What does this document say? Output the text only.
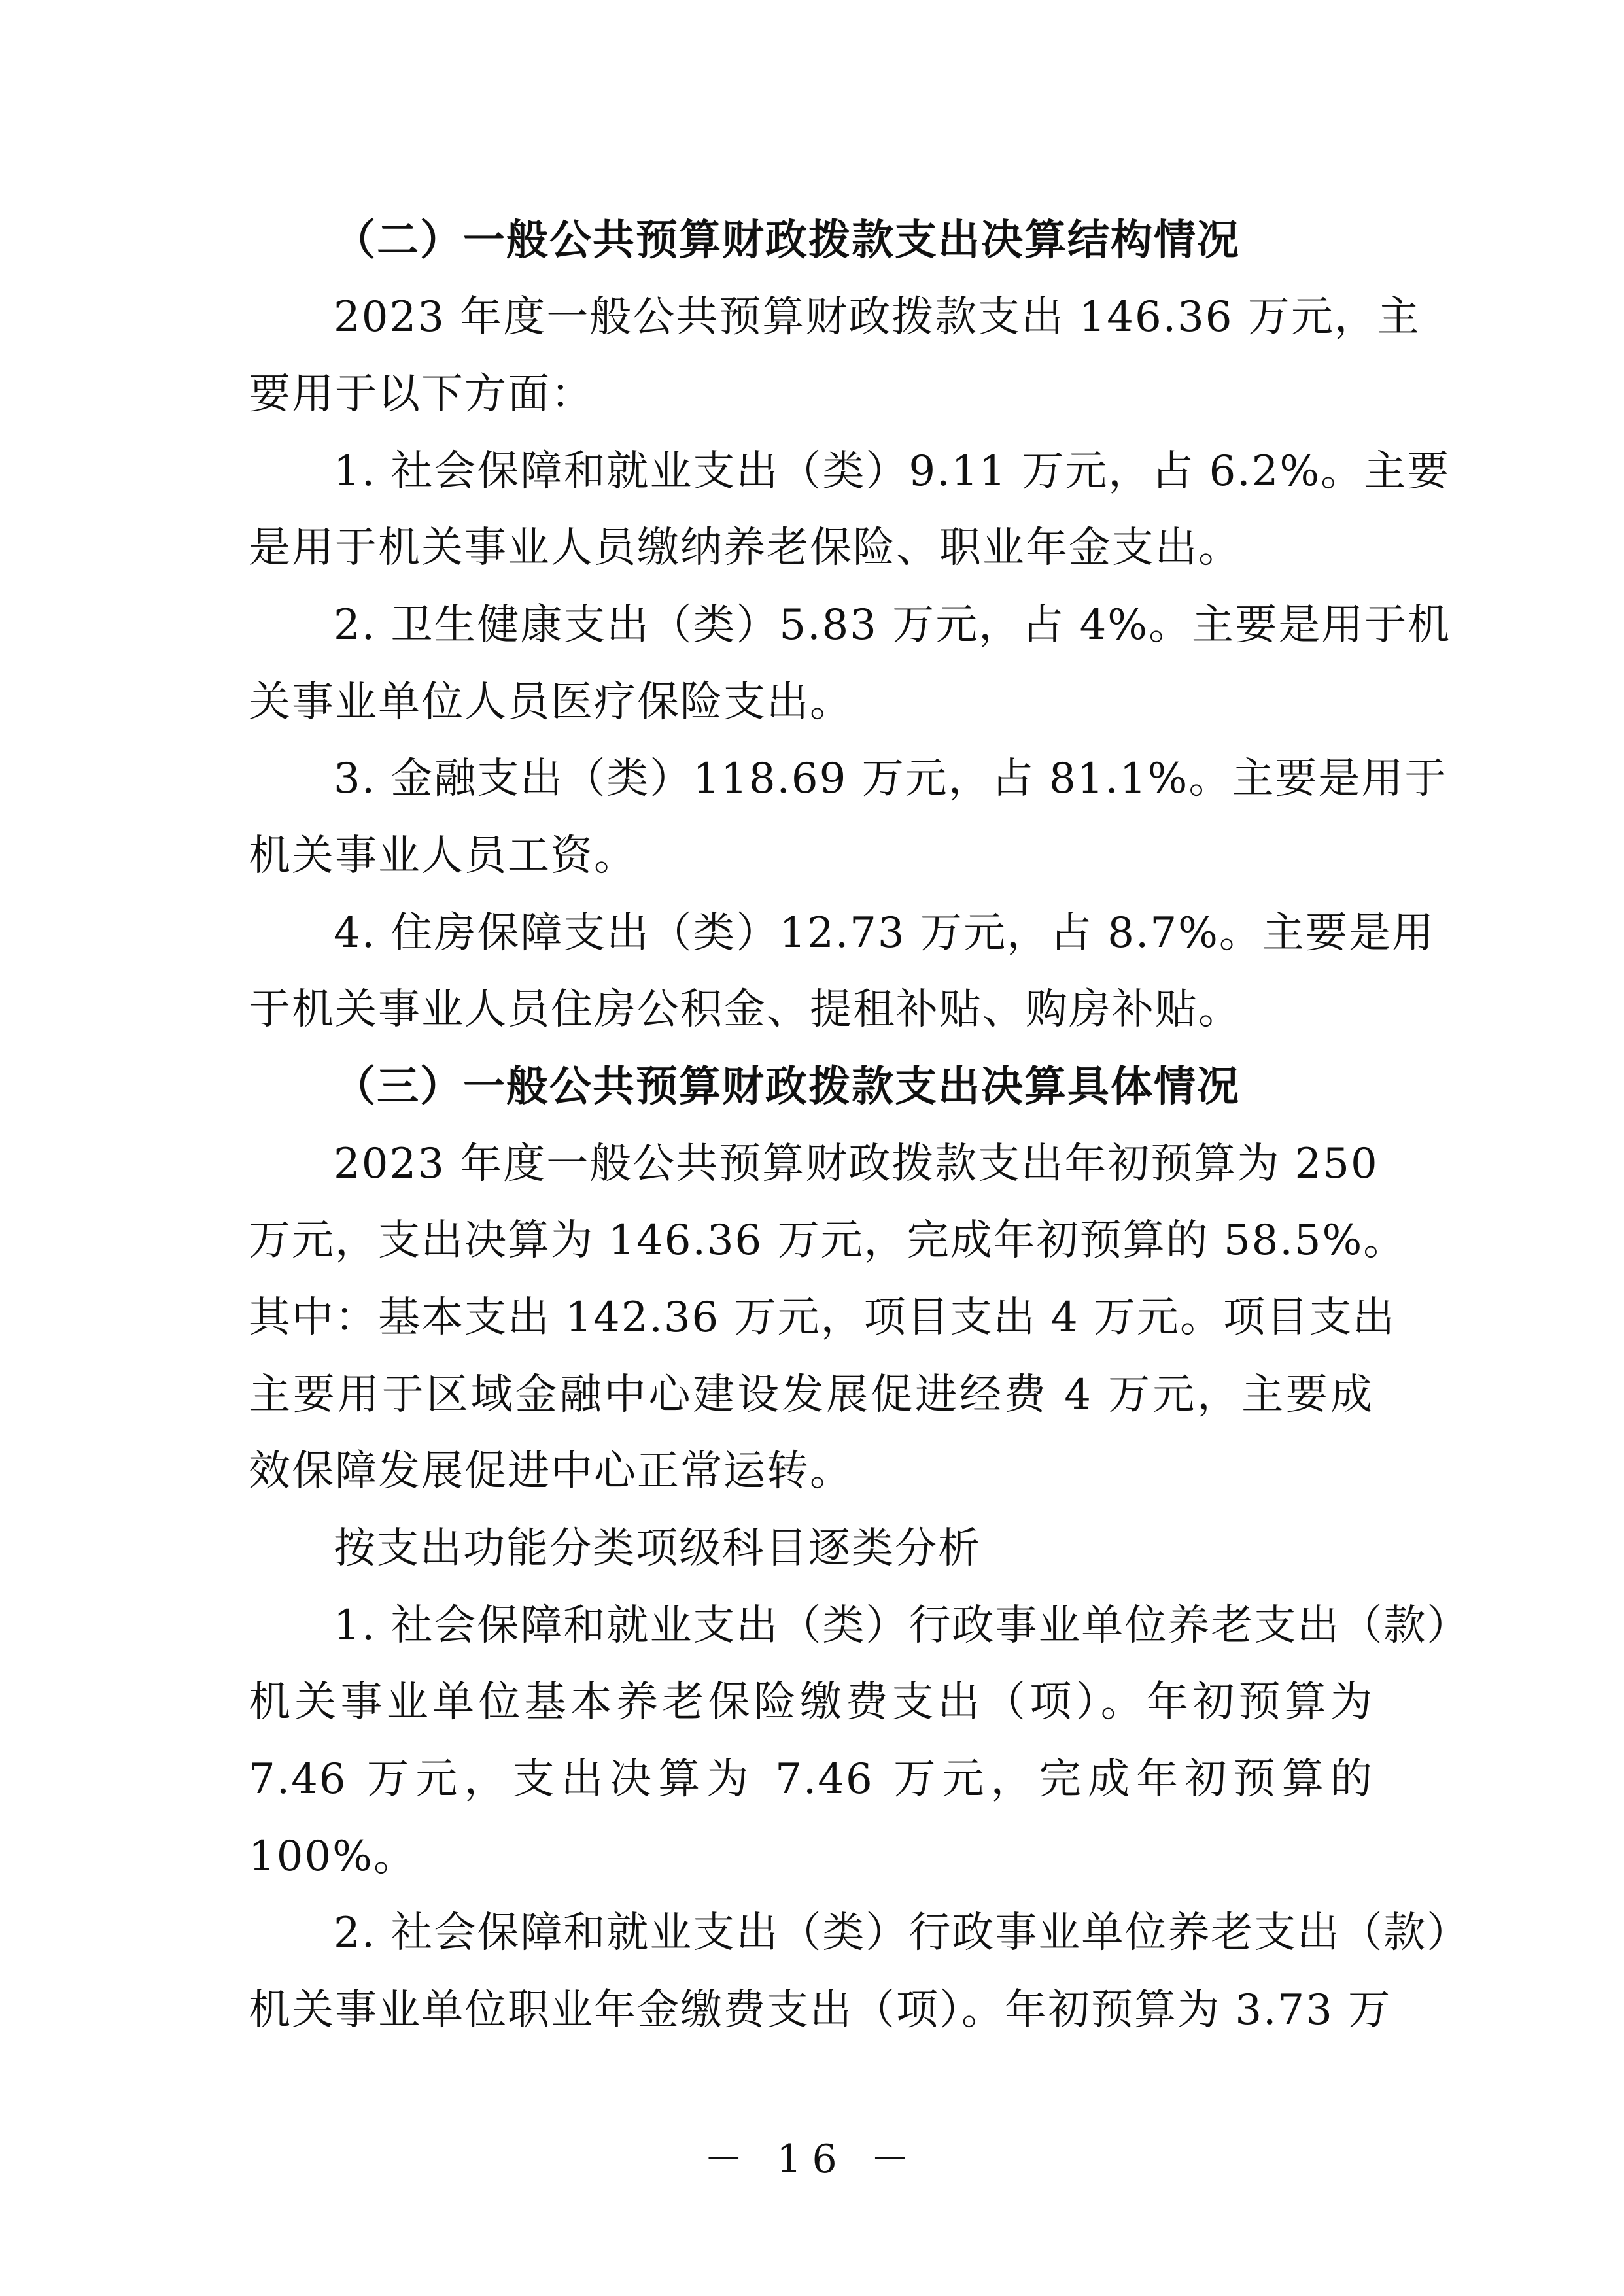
（二）一般公共预算财政拨款支出决算结构情况
2023 年度一般公共预算财政拨款支出 146.36 万元，主
要用于以下方面：
1. 社会保障和就业支出（类）9.11 万元，占 6.2%。主要
是用于机关事业人员缴纳养老保险、职业年金支出。
2. 卫生健康支出（类）5.83 万元，占 4%。主要是用于机
关事业单位人员医疗保险支出。
3. 金融支出（类）118.69 万元，占 81.1%。主要是用于
机关事业人员工资。
4. 住房保障支出（类）12.73 万元，占 8.7%。主要是用
于机关事业人员住房公积金、提租补贴、购房补贴。
（三）一般公共预算财政拨款支出决算具体情况
2023 年度一般公共预算财政拨款支出年初预算为 250
万元，支出决算为 146.36 万元，完成年初预算的 58.5%。
其中：基本支出 142.36 万元，项目支出 4 万元。项目支出
主要用于区域金融中心建设发展促进经费 4 万元，主要成
效保障发展促进中心正常运转。
按支出功能分类项级科目逐类分析
1. 社会保障和就业支出（类）行政事业单位养老支出（款）
机关事业单位基本养老保险缴费支出（项）。年初预算为
7.46 万元，支出决算为 7.46 万元，完成年初预算的
100%。
2. 社会保障和就业支出（类）行政事业单位养老支出（款）
机关事业单位职业年金缴费支出（项）。年初预算为 3.73 万
－ 16 －
